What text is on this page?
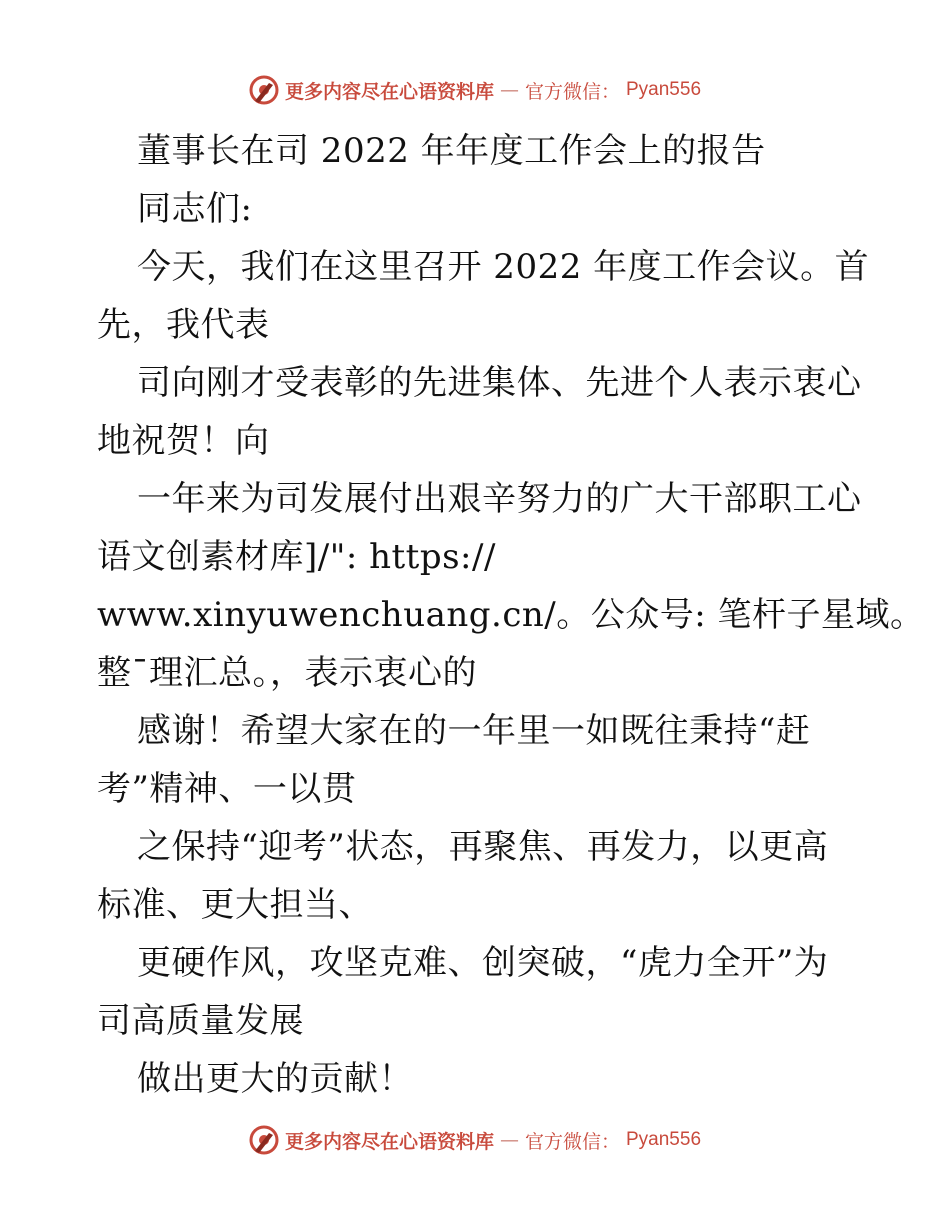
更多内容尽在心语资料库 — 官方微信： Pyan556
董事长在司 2022 年年度工作会上的报告
同志们:
今天，我们在这里召开 2022 年度工作会议。首
先，我代表
司向刚才受表彰的先进集体、先进个人表示衷心
地祝贺！向
一年来为司发展付出艰辛努力的广大干部职工心
语文创素材库]/": https://
www.xinyuwenchuang.cn/。公众号: 笔杆子星域。
整¯理汇总。，表示衷心的
感谢！希望大家在的一年里一如既往秉持“赶
考”精神、一以贯
之保持“迎考”状态，再聚焦、再发力，以更高
标准、更大担当、
更硬作风，攻坚克难、创突破，“虎力全开”为
司高质量发展
做出更大的贡献！
更多内容尽在心语资料库 — 官方微信： Pyan556
